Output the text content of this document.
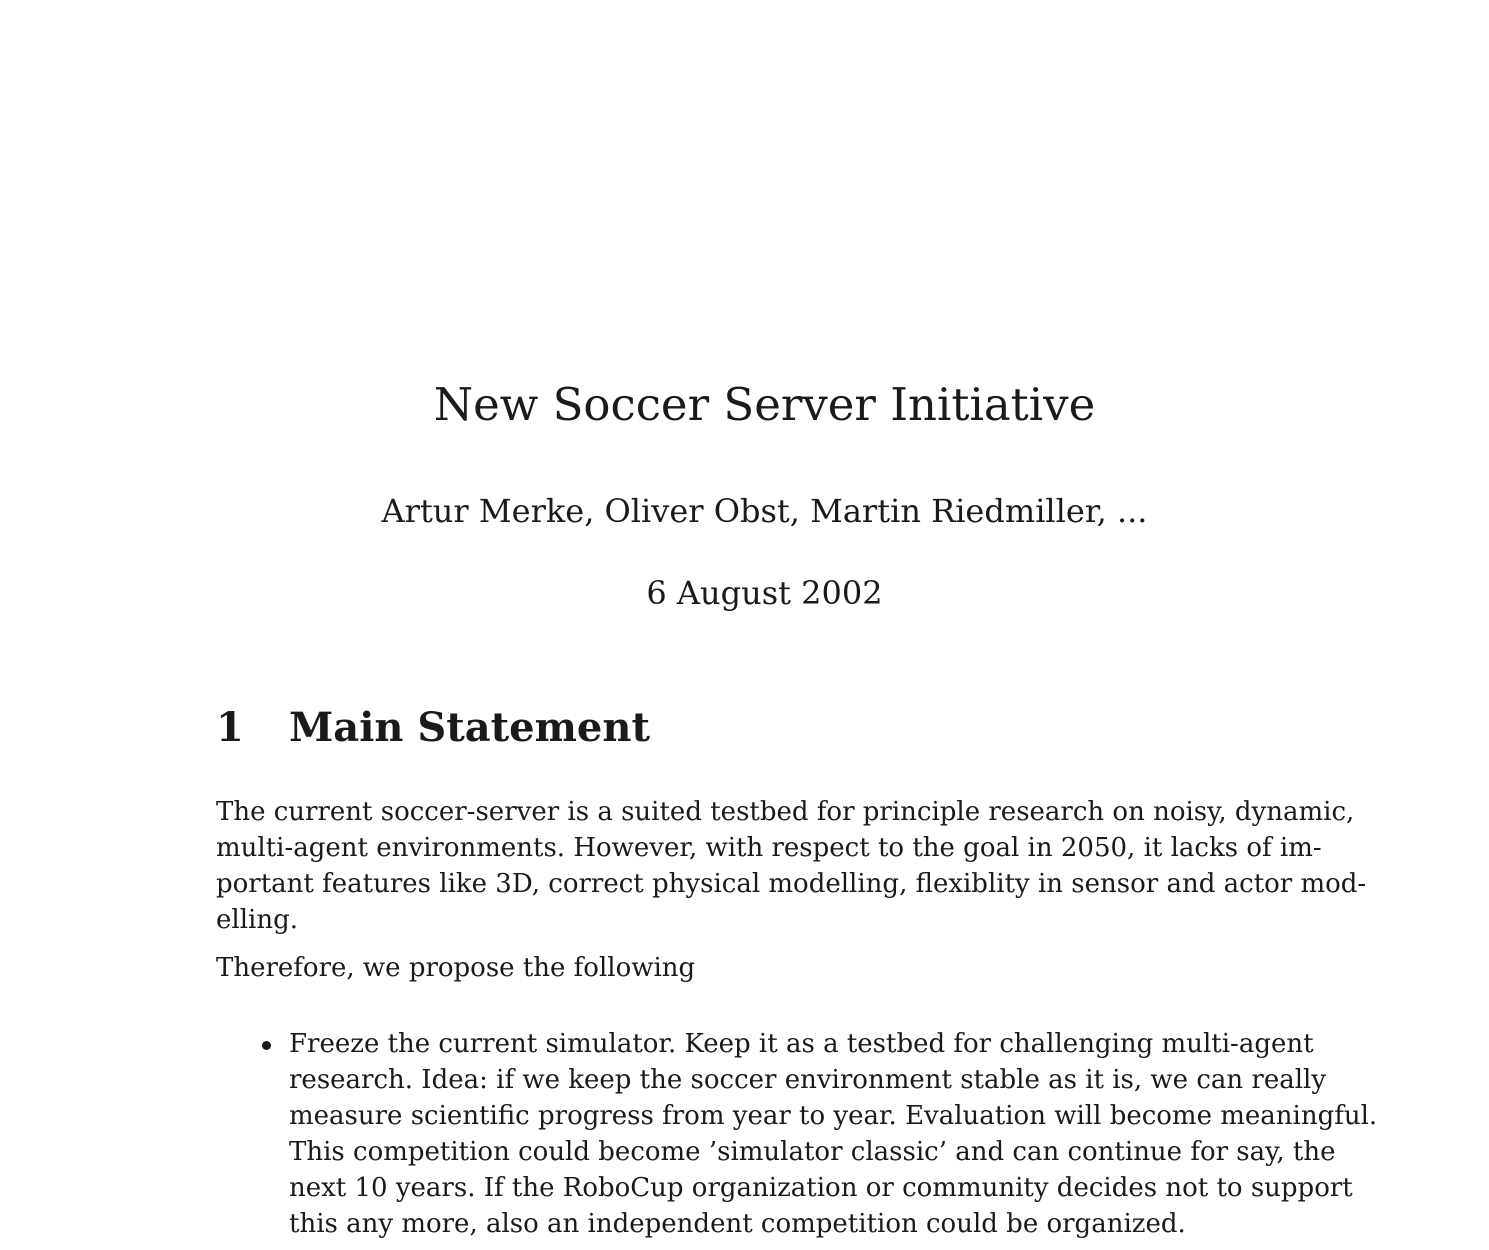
New Soccer Server Initiative
Artur Merke, Oliver Obst, Martin Riedmiller, ...
6 August 2002
1	Main Statement
The current soccer-server is a suited testbed for principle research on noisy, dynamic,
multi-agent environments. However, with respect to the goal in 2050, it lacks of im-
portant features like 3D, correct physical modelling, flexiblity in sensor and actor mod-
elling.
Therefore, we propose the following
Freeze the current simulator. Keep it as a testbed for challenging multi-agent
research. Idea: if we keep the soccer environment stable as it is, we can really
measure scientific progress from year to year. Evaluation will become meaningful.
This competition could become ’simulator classic’ and can continue for say, the
next 10 years. If the RoboCup organization or community decides not to support
this any more, also an independent competition could be organized.
